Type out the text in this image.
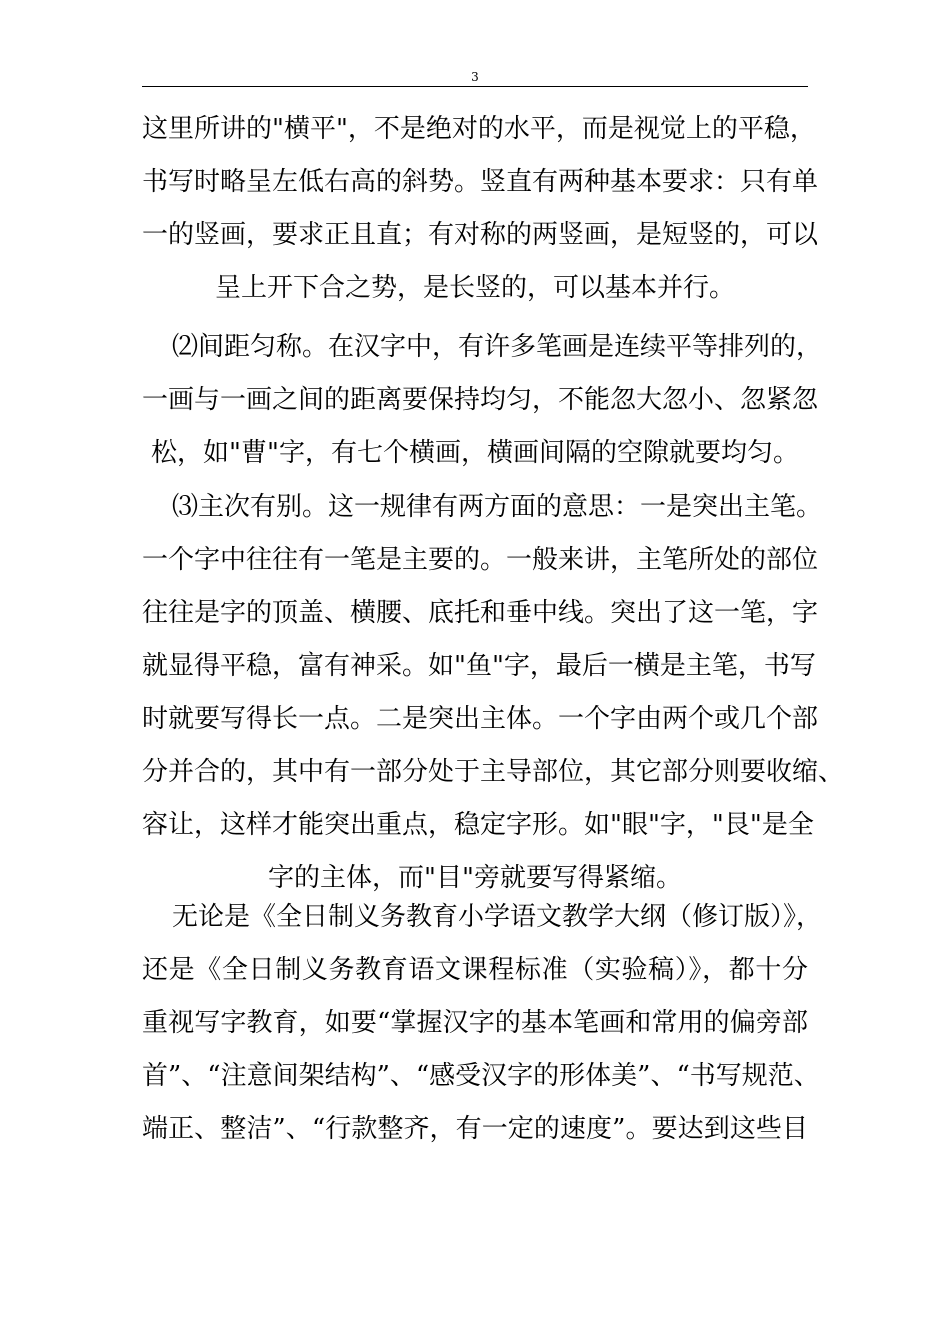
3
这里所讲的"横平"，不是绝对的水平，而是视觉上的平稳，
书写时略呈左低右高的斜势。竖直有两种基本要求：只有单
一的竖画，要求正且直；有对称的两竖画，是短竖的，可以
呈上开下合之势，是长竖的，可以基本并行。
⑵间距匀称。在汉字中，有许多笔画是连续平等排列的，
一画与一画之间的距离要保持均匀，不能忽大忽小、忽紧忽
松，如"曹"字，有七个横画，横画间隔的空隙就要均匀。
⑶主次有别。这一规律有两方面的意思：一是突出主笔。
一个字中往往有一笔是主要的。一般来讲，主笔所处的部位
往往是字的顶盖、横腰、底托和垂中线。突出了这一笔，字
就显得平稳，富有神采。如"鱼"字，最后一横是主笔，书写
时就要写得长一点。二是突出主体。一个字由两个或几个部
分并合的，其中有一部分处于主导部位，其它部分则要收缩、
容让，这样才能突出重点，稳定字形。如"眼"字，"艮"是全
字的主体，而"目"旁就要写得紧缩。
无论是《全日制义务教育小学语文教学大纲（修订版）》，
还是《全日制义务教育语文课程标准（实验稿）》，都十分
重视写字教育，如要“掌握汉字的基本笔画和常用的偏旁部
首”、“注意间架结构”、“感受汉字的形体美”、“书写规范、
端正、整洁”、“行款整齐，有一定的速度”。要达到这些目
